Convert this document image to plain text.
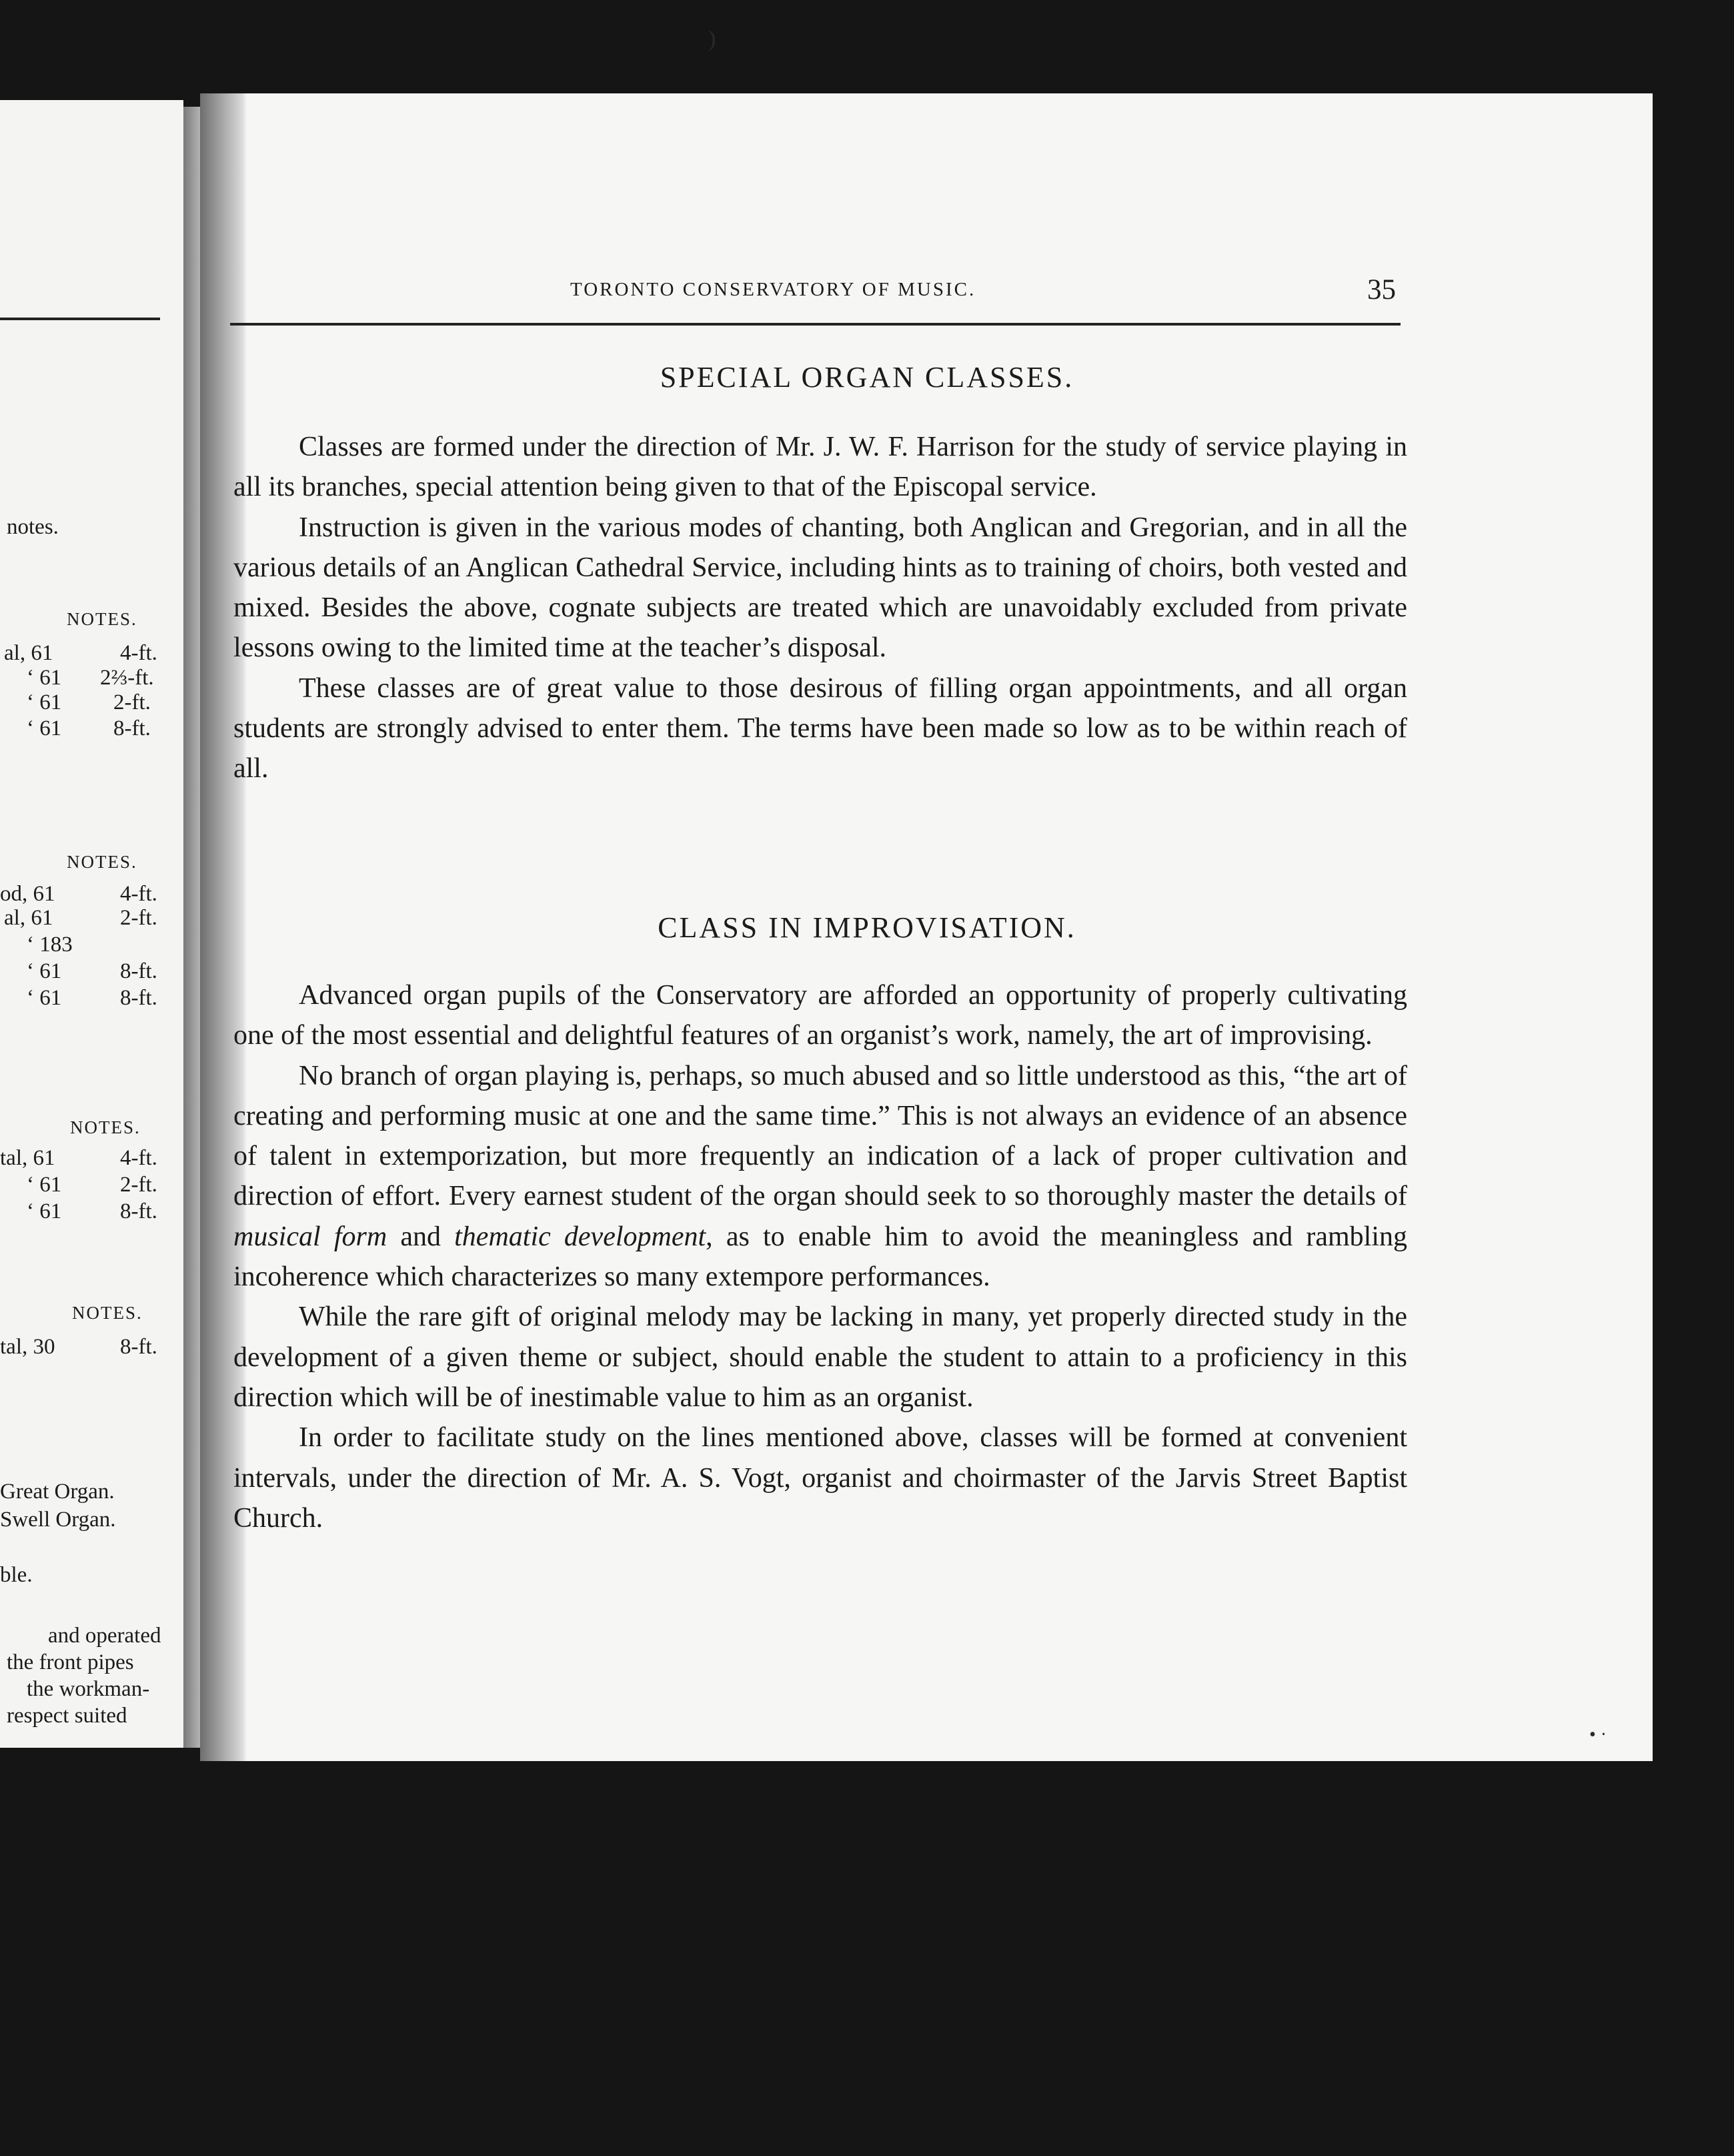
)
• ·
notes.
NOTES.
al, 61	4-ft.
‘ 61 2⅔-ft.
‘ 61 2-ft.
‘ 61 8-ft.
NOTES.
od, 61	4-ft.
al, 61	2-ft.
‘ 183
‘ 61	8-ft.
‘ 61	8-ft.
NOTES.
tal, 61	4-ft.
‘ 61	2-ft.
‘ 61	8-ft.
NOTES.
tal, 30	8-ft.
Great Organ.
Swell Organ.
ble.
and operated
the front pipes
the workman-
respect suited
TORONTO CONSERVATORY OF MUSIC.	35
SPECIAL ORGAN CLASSES.

Classes are formed under the direction of Mr. J. W. F. Harrison for the study of service playing in all its branches, special attention being given to that of the Episcopal service.

Instruction is given in the various modes of chanting, both Anglican and Gregorian, and in all the various details of an Anglican Cathedral Service, including hints as to training of choirs, both vested and mixed. Besides the above, cognate subjects are treated which are unavoidably excluded from private lessons owing to the limited time at the teacher’s disposal.

These classes are of great value to those desirous of filling organ appointments, and all organ students are strongly advised to enter them. The terms have been made so low as to be within reach of all.

CLASS IN IMPROVISATION.

Advanced organ pupils of the Conservatory are afforded an opportunity of properly cultivating one of the most essential and delightful features of an organist’s work, namely, the art of improvising.

No branch of organ playing is, perhaps, so much abused and so little understood as this, “the art of creating and performing music at one and the same time.” This is not always an evidence of an absence of talent in extemporization, but more frequently an indication of a lack of proper cultivation and direction of effort. Every earnest student of the organ should seek to so thoroughly master the details of musical form and thematic development, as to enable him to avoid the meaningless and rambling incoherence which characterizes so many extempore performances.

While the rare gift of original melody may be lacking in many, yet properly directed study in the development of a given theme or subject, should enable the student to attain to a proficiency in this direction which will be of inestimable value to him as an organist.

In order to facilitate study on the lines mentioned above, classes will be formed at convenient intervals, under the direction of Mr. A. S. Vogt, organist and choirmaster of the Jarvis Street Baptist Church.
